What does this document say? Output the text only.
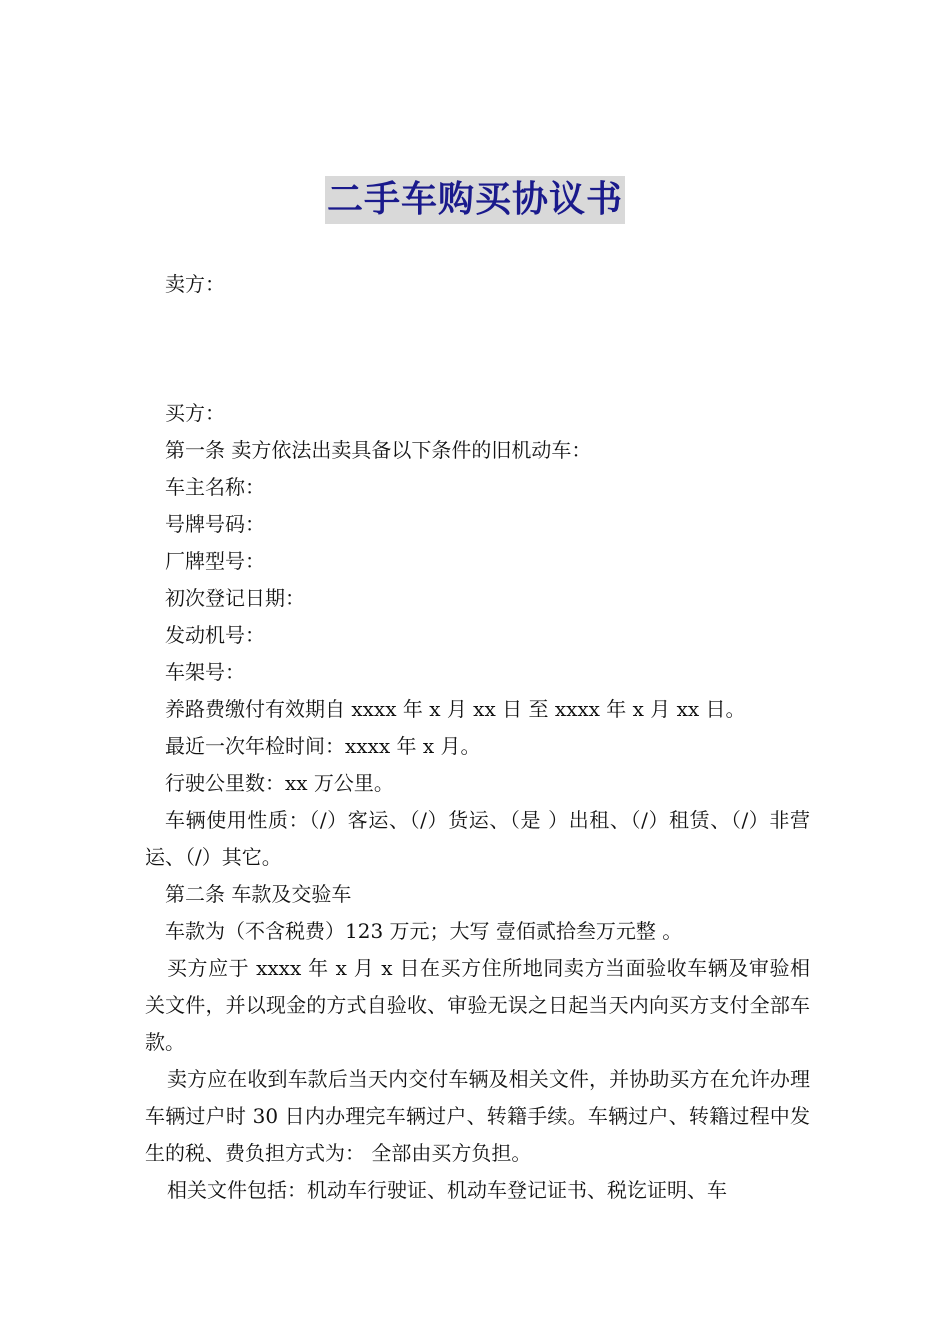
二手车购买协议书
卖方：
买方：
第一条 卖方依法出卖具备以下条件的旧机动车：
车主名称：
号牌号码：
厂牌型号：
初次登记日期：
发动机号：
车架号：
养路费缴付有效期自 xxxx 年 x 月 xx 日 至 xxxx 年 x 月 xx 日。
最近一次年检时间：xxxx 年 x 月。
行驶公里数：xx 万公里。

车辆使用性质：（/）客运、（/）货运、（是 ）出租、（/）租赁、（/）非营运、（/）其它。

第二条 车款及交验车
车款为（不含税费）123 万元；大写 壹佰贰拾叁万元整 。

买方应于 xxxx 年 x 月 x 日在买方住所地同卖方当面验收车辆及审验相关文件，并以现金的方式自验收、审验无误之日起当天内向买方支付全部车款。

卖方应在收到车款后当天内交付车辆及相关文件，并协助买方在允许办理车辆过户时 30 日内办理完车辆过户、转籍手续。车辆过户、转籍过程中发生的税、费负担方式为： 全部由买方负担。

相关文件包括：机动车行驶证、机动车登记证书、税讫证明、车
